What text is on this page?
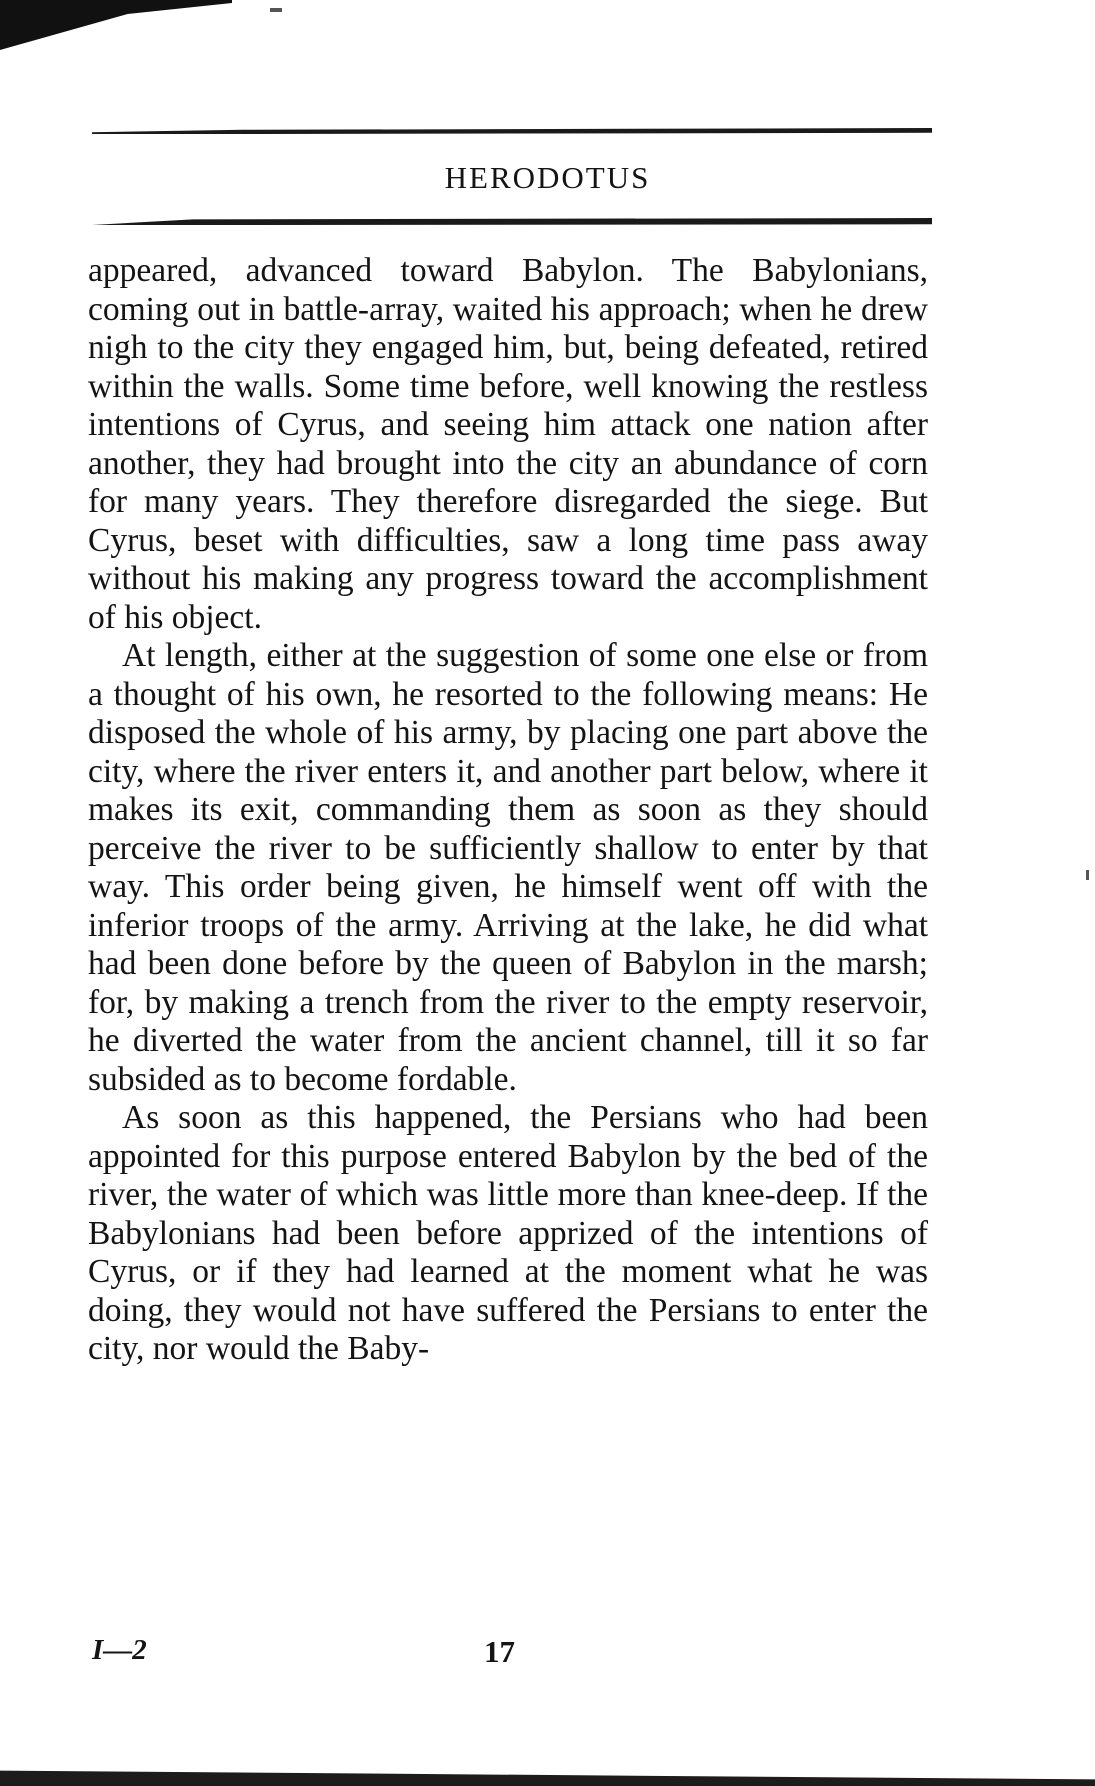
HERODOTUS

appeared, advanced toward Babylon. The Babylonians, coming out in battle-array, waited his approach; when he drew nigh to the city they engaged him, but, being defeated, retired within the walls. Some time before, well knowing the restless intentions of Cyrus, and seeing him attack one nation after another, they had brought into the city an abundance of corn for many years. They therefore disregarded the siege. But Cyrus, beset with difficulties, saw a long time pass away without his making any progress toward the accomplishment of his object.

At length, either at the suggestion of some one else or from a thought of his own, he resorted to the following means: He disposed the whole of his army, by placing one part above the city, where the river enters it, and another part below, where it makes its exit, commanding them as soon as they should perceive the river to be sufficiently shallow to enter by that way. This order being given, he himself went off with the inferior troops of the army. Arriving at the lake, he did what had been done before by the queen of Babylon in the marsh; for, by making a trench from the river to the empty reservoir, he diverted the water from the ancient channel, till it so far subsided as to become fordable.

As soon as this happened, the Persians who had been appointed for this purpose entered Babylon by the bed of the river, the water of which was little more than knee-deep. If the Babylonians had been before apprized of the intentions of Cyrus, or if they had learned at the moment what he was doing, they would not have suffered the Persians to enter the city, nor would the Baby-

I—2	17
